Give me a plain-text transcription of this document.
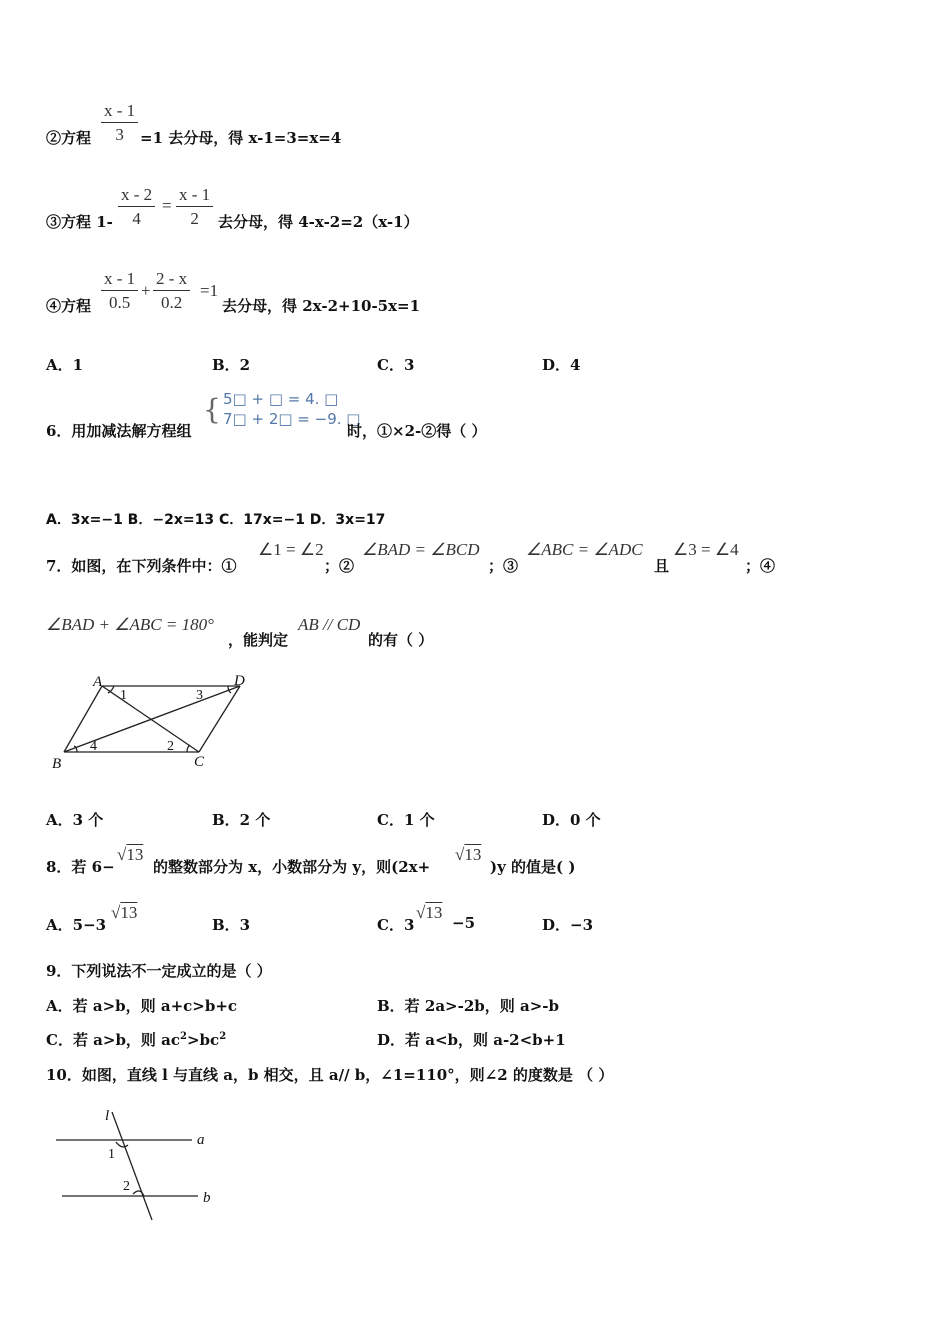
②方程 $\frac{x - 1}{3} =1$ 去分母，得 x-1=3=x=4
③方程 $1- \frac{x - 2}{4} = \frac{x - 1}{2}$ 去分母，得 4-x-2=2（x-1）
④方程 $\frac{x - 1}{0.5} + \frac{2 - x}{0.2} =1$
去分母，得 2x-2+10-5x=1
A．1	B．2	C．3	D．4
6．用加减法解方程组
{ 5□ + □ = 4. □
7□ + 2□ = −9. □
时，①×2-②得（ ）
A．3x=−1 B．−2x=13 C．17x=−1 D．3x=17
7．如图，在下列条件中：①
∠1 = ∠2
；②
∠BAD = ∠BCD
；③
∠ABC = ∠ADC
且
∠3 = ∠4
；④
∠BAD + ∠ABC = 180°
，能判定
AB // CD
的有（ ）
A	D
B	C
1	3
4	2
A．3 个	B．2 个	C．1 个	D．0 个
8．若 6−
√13
的整数部分为 x，小数部分为 y，则(2x+
√13
)y 的值是( )
A．5−3
√13
B．3	C．3
√13
−5	D．−3
9．下列说法不一定成立的是（ ）
A．若 a>b，则 a+c>b+c	B．若 2a>-2b，则 a>-b
C．若 a>b，则 $ac^2>bc^2$	D．若 a<b，则 a-2<b+1
10．如图，直线 l 与直线 a，b 相交，且 a// b，∠1=110°，则∠2 的度数是 （ ）
l
a
b
1
2
